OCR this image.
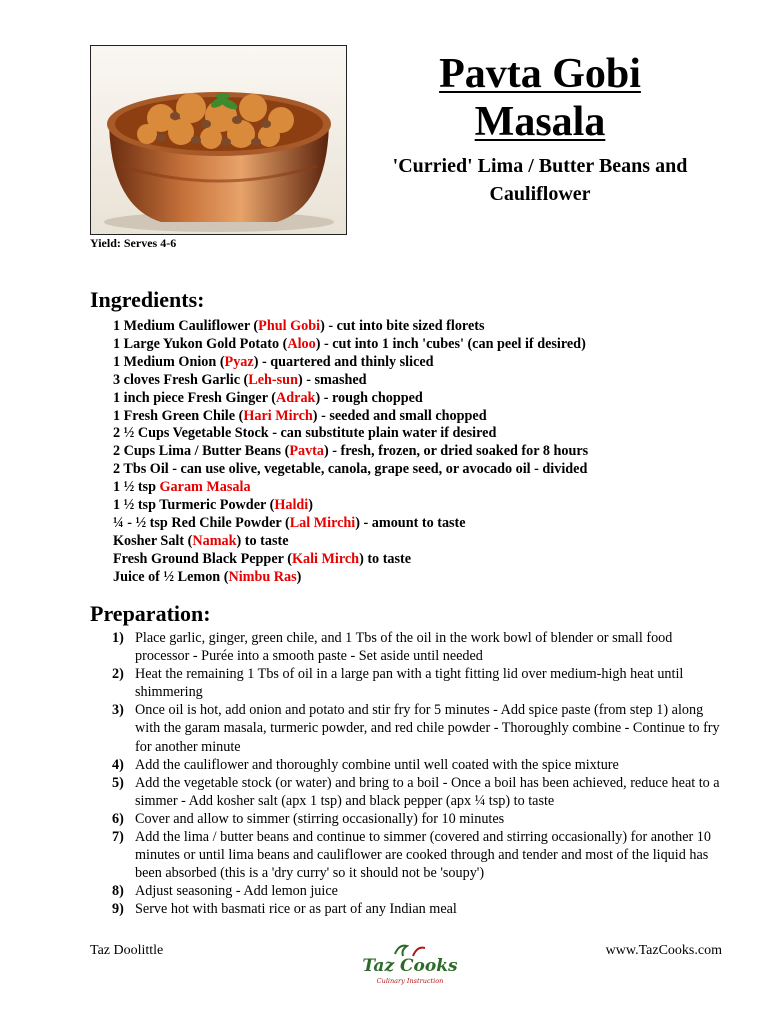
Yield: Serves 4-6
Pavta Gobi
Masala

'Curried' Lima / Butter Beans and Cauliflower

Ingredients:
1 Medium Cauliflower (Phul Gobi) - cut into bite sized florets
1 Large Yukon Gold Potato (Aloo) - cut into 1 inch 'cubes' (can peel if desired)
1 Medium Onion (Pyaz) - quartered and thinly sliced
3 cloves Fresh Garlic (Leh-sun) - smashed
1 inch piece Fresh Ginger (Adrak) - rough chopped
1 Fresh Green Chile (Hari Mirch) - seeded and small chopped
2 ½ Cups Vegetable Stock - can substitute plain water if desired
2 Cups Lima / Butter Beans (Pavta) - fresh, frozen, or dried soaked for 8 hours
2 Tbs Oil - can use olive, vegetable, canola, grape seed, or avocado oil - divided
1 ½ tsp Garam Masala
1 ½ tsp Turmeric Powder (Haldi)
¼ - ½ tsp Red Chile Powder (Lal Mirchi) - amount to taste
Kosher Salt (Namak) to taste
Fresh Ground Black Pepper (Kali Mirch) to taste
Juice of ½ Lemon (Nimbu Ras)
Preparation:
1) Place garlic, ginger, green chile, and 1 Tbs of the oil in the work bowl of blender or small food processor - Purée into a smooth paste - Set aside until needed
2) Heat the remaining 1 Tbs of oil in a large pan with a tight fitting lid over medium-high heat until shimmering
3) Once oil is hot, add onion and potato and stir fry for 5 minutes - Add spice paste (from step 1) along with the garam masala, turmeric powder, and red chile powder - Thoroughly combine - Continue to fry for another minute
4) Add the cauliflower and thoroughly combine until well coated with the spice mixture
5) Add the vegetable stock (or water) and bring to a boil - Once a boil has been achieved, reduce heat to a simmer - Add kosher salt (apx 1 tsp) and black pepper (apx ¼ tsp) to taste
6) Cover and allow to simmer (stirring occasionally) for 10 minutes
7) Add the lima / butter beans and continue to simmer (covered and stirring occasionally) for another 10 minutes or until lima beans and cauliflower are cooked through and tender and most of the liquid has been absorbed (this is a 'dry curry' so it should not be 'soupy')
8) Adjust seasoning - Add lemon juice
9) Serve hot with basmati rice or as part of any Indian meal
Taz Doolittle
Taz Cooks
Culinary Instruction
www.TazCooks.com
